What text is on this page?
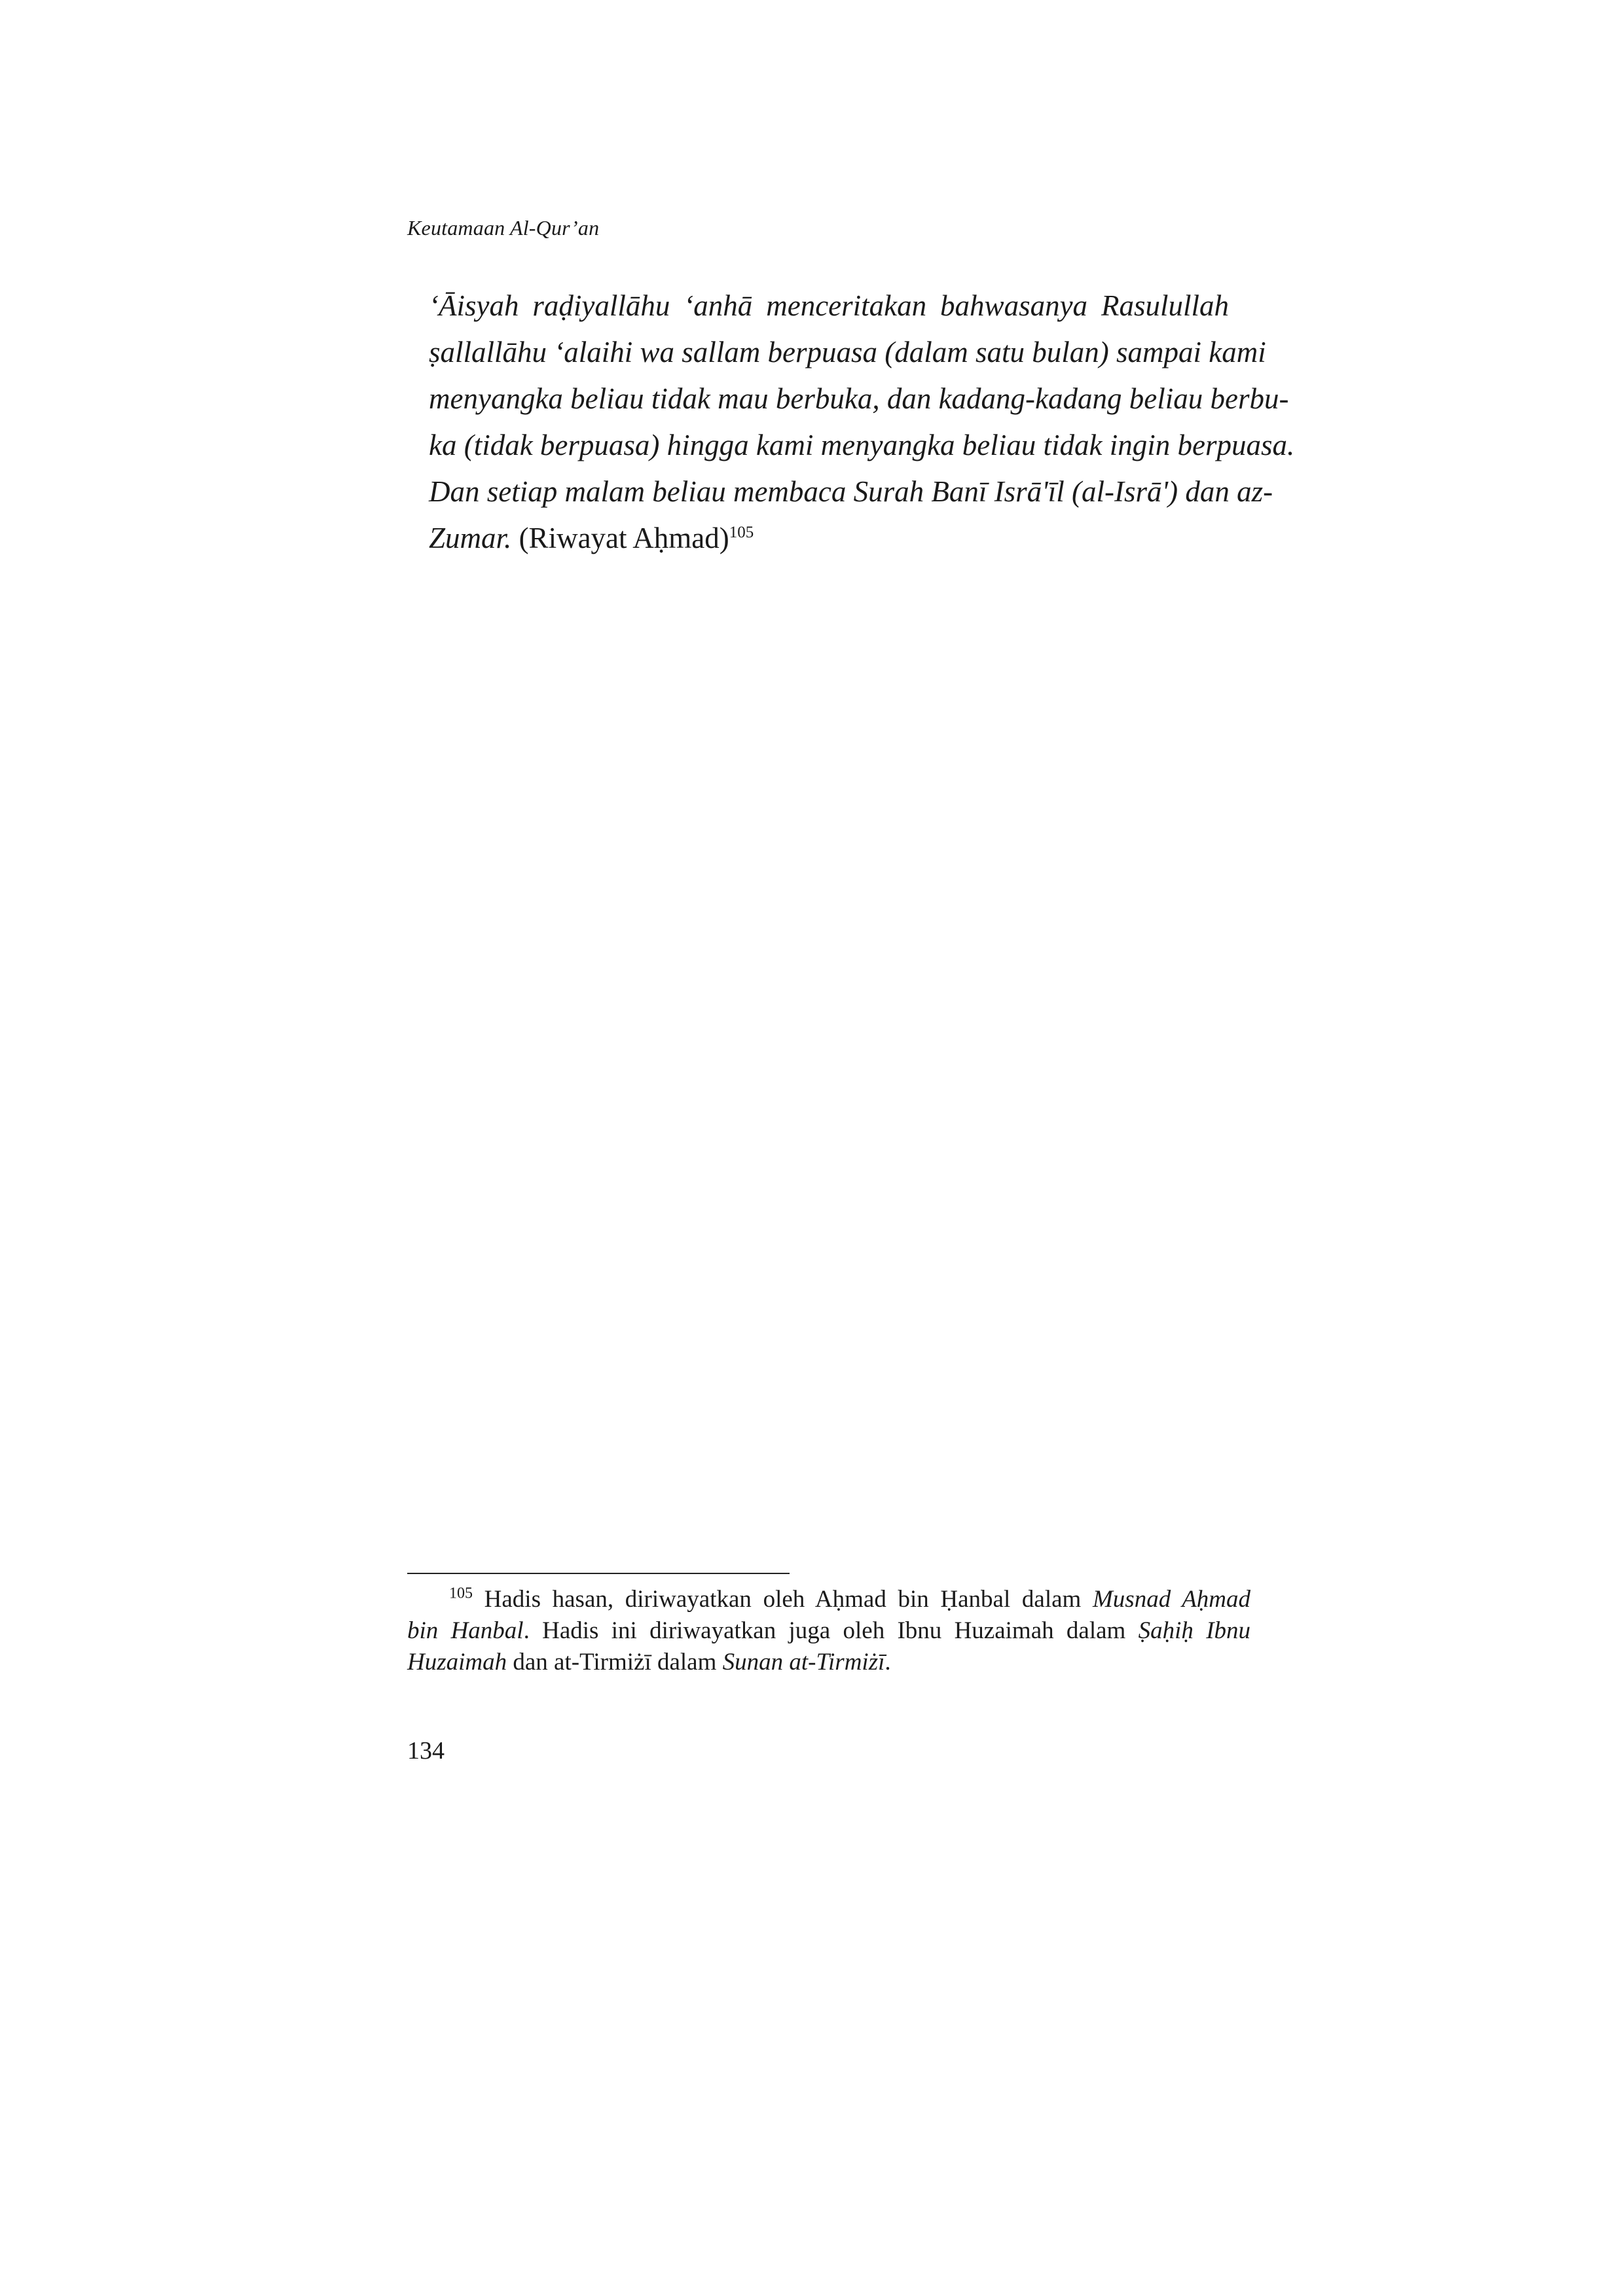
Keutamaan Al-Qur’an
‘Āisyah raḍiyallāhu ‘anhā menceritakan bahwasanya Rasulullah
ṣallallāhu ‘alaihi wa sallam berpuasa (dalam satu bulan) sampai kami
menyangka beliau tidak mau berbuka, dan kadang-kadang beliau berbu-
ka (tidak berpuasa) hingga kami menyangka beliau tidak ingin berpuasa.
Dan setiap malam beliau membaca Surah Banī Isrā'īl (al-Isrā') dan az-
Zumar. (Riwayat Aḥmad)$^{105}$
$^{105}$ Hadis hasan, diriwayatkan oleh Aḥmad bin Ḥanbal dalam Musnad Aḥmad
bin Hanbal. Hadis ini diriwayatkan juga oleh Ibnu Huzaimah dalam Ṣaḥiḥ Ibnu
Huzaimah dan at-Tirmiżī dalam Sunan at-Tirmiżī.
134
